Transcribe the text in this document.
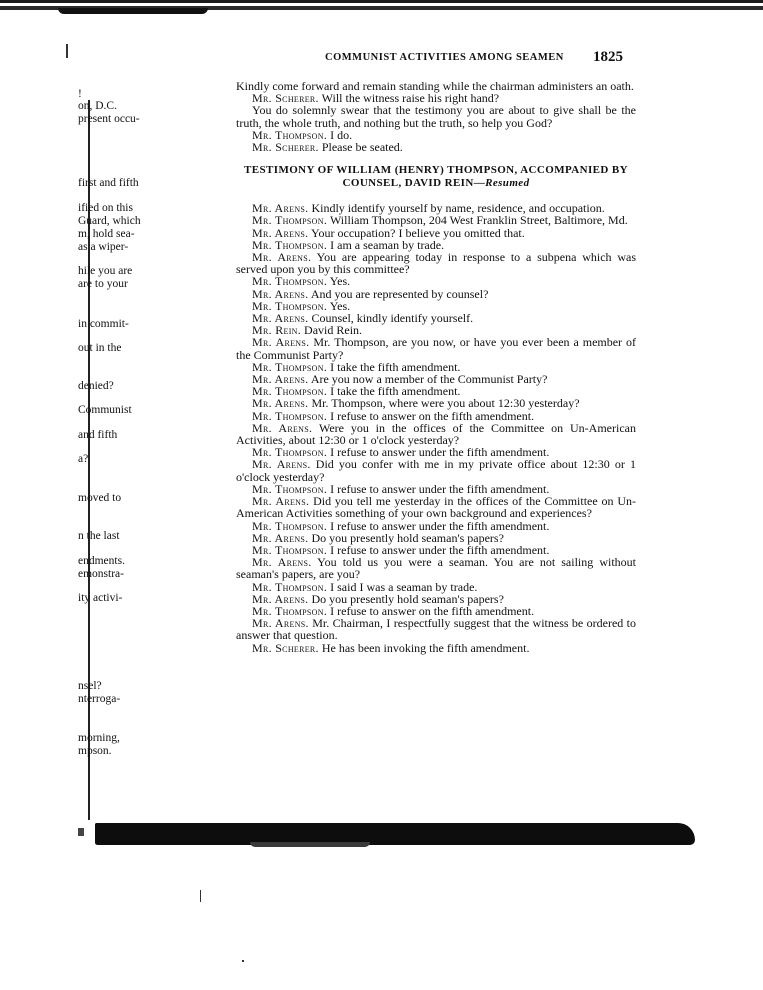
!
on, D.C.
present occu-
first and fifth
ified on this
Guard, which
m, hold sea-
as a wiper-
hile you are
are to your
in commit-
out in the
denied?
Communist
and fifth
a?
moved to
n the last
endments.
emonstra-
ity activi-
nsel?
nterroga-
morning,
mpson.
COMMUNIST ACTIVITIES AMONG SEAMEN 1825

Kindly come forward and remain standing while the chairman administers an oath.

Mr. Scherer. Will the witness raise his right hand?

You do solemnly swear that the testimony you are about to give shall be the truth, the whole truth, and nothing but the truth, so help you God?

Mr. Thompson. I do.

Mr. Scherer. Please be seated.

TESTIMONY OF WILLIAM (HENRY) THOMPSON, ACCOMPANIED BY COUNSEL, DAVID REIN—Resumed

Mr. Arens. Kindly identify yourself by name, residence, and occupation.

Mr. Thompson. William Thompson, 204 West Franklin Street, Baltimore, Md.

Mr. Arens. Your occupation? I believe you omitted that.

Mr. Thompson. I am a seaman by trade.

Mr. Arens. You are appearing today in response to a subpena which was served upon you by this committee?

Mr. Thompson. Yes.

Mr. Arens. And you are represented by counsel?

Mr. Thompson. Yes.

Mr. Arens. Counsel, kindly identify yourself.

Mr. Rein. David Rein.

Mr. Arens. Mr. Thompson, are you now, or have you ever been a member of the Communist Party?

Mr. Thompson. I take the fifth amendment.

Mr. Arens. Are you now a member of the Communist Party?

Mr. Thompson. I take the fifth amendment.

Mr. Arens. Mr. Thompson, where were you about 12:30 yesterday?

Mr. Thompson. I refuse to answer on the fifth amendment.

Mr. Arens. Were you in the offices of the Committee on Un-American Activities, about 12:30 or 1 o'clock yesterday?

Mr. Thompson. I refuse to answer under the fifth amendment.

Mr. Arens. Did you confer with me in my private office about 12:30 or 1 o'clock yesterday?

Mr. Thompson. I refuse to answer under the fifth amendment.

Mr. Arens. Did you tell me yesterday in the offices of the Committee on Un-American Activities something of your own background and experiences?

Mr. Thompson. I refuse to answer under the fifth amendment.

Mr. Arens. Do you presently hold seaman's papers?

Mr. Thompson. I refuse to answer under the fifth amendment.

Mr. Arens. You told us you were a seaman. You are not sailing without seaman's papers, are you?

Mr. Thompson. I said I was a seaman by trade.

Mr. Arens. Do you presently hold seaman's papers?

Mr. Thompson. I refuse to answer on the fifth amendment.

Mr. Arens. Mr. Chairman, I respectfully suggest that the witness be ordered to answer that question.

Mr. Scherer. He has been invoking the fifth amendment.
